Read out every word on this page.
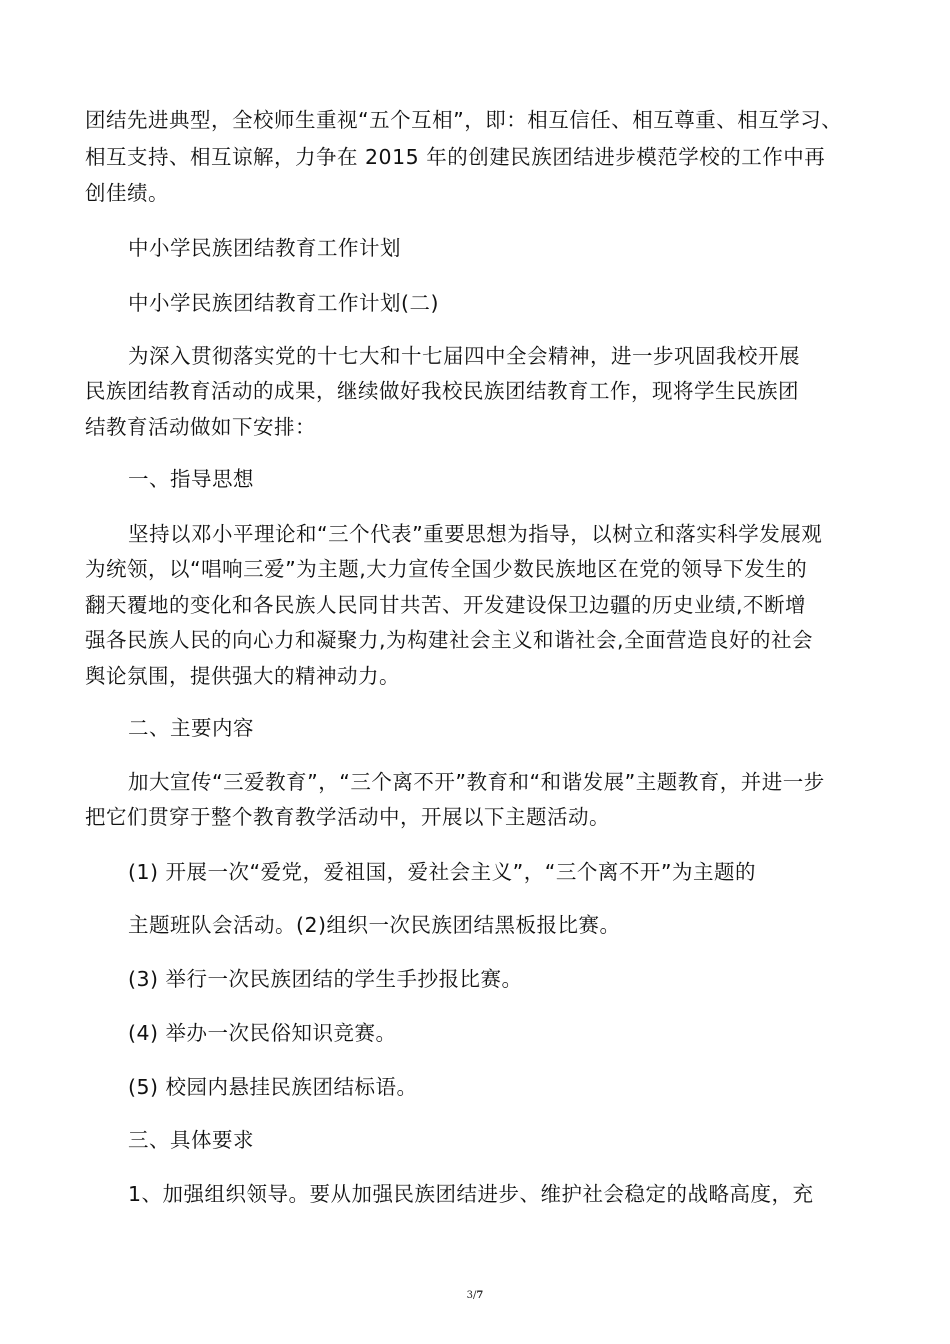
团结先进典型，全校师生重视“五个互相”，即：相互信任、相互尊重、相互学习、

相互支持、相互谅解，力争在 2015 年的创建民族团结进步模范学校的工作中再

创佳绩。

中小学民族团结教育工作计划

中小学民族团结教育工作计划(二)

为深入贯彻落实党的十七大和十七届四中全会精神，进一步巩固我校开展

民族团结教育活动的成果，继续做好我校民族团结教育工作，现将学生民族团

结教育活动做如下安排：

一、指导思想

坚持以邓小平理论和“三个代表”重要思想为指导，以树立和落实科学发展观

为统领，以“唱响三爱”为主题,大力宣传全国少数民族地区在党的领导下发生的

翻天覆地的变化和各民族人民同甘共苦、开发建设保卫边疆的历史业绩,不断增

强各民族人民的向心力和凝聚力,为构建社会主义和谐社会,全面营造良好的社会

舆论氛围，提供强大的精神动力。

二、主要内容

加大宣传“三爱教育”，“三个离不开”教育和“和谐发展”主题教育，并进一步

把它们贯穿于整个教育教学活动中，开展以下主题活动。

(1) 开展一次“爱党，爱祖国，爱社会主义”，“三个离不开”为主题的

主题班队会活动。(2)组织一次民族团结黑板报比赛。

(3) 举行一次民族团结的学生手抄报比赛。

(4) 举办一次民俗知识竞赛。

(5) 校园内悬挂民族团结标语。

三、具体要求

1、加强组织领导。要从加强民族团结进步、维护社会稳定的战略高度，充

3/7
